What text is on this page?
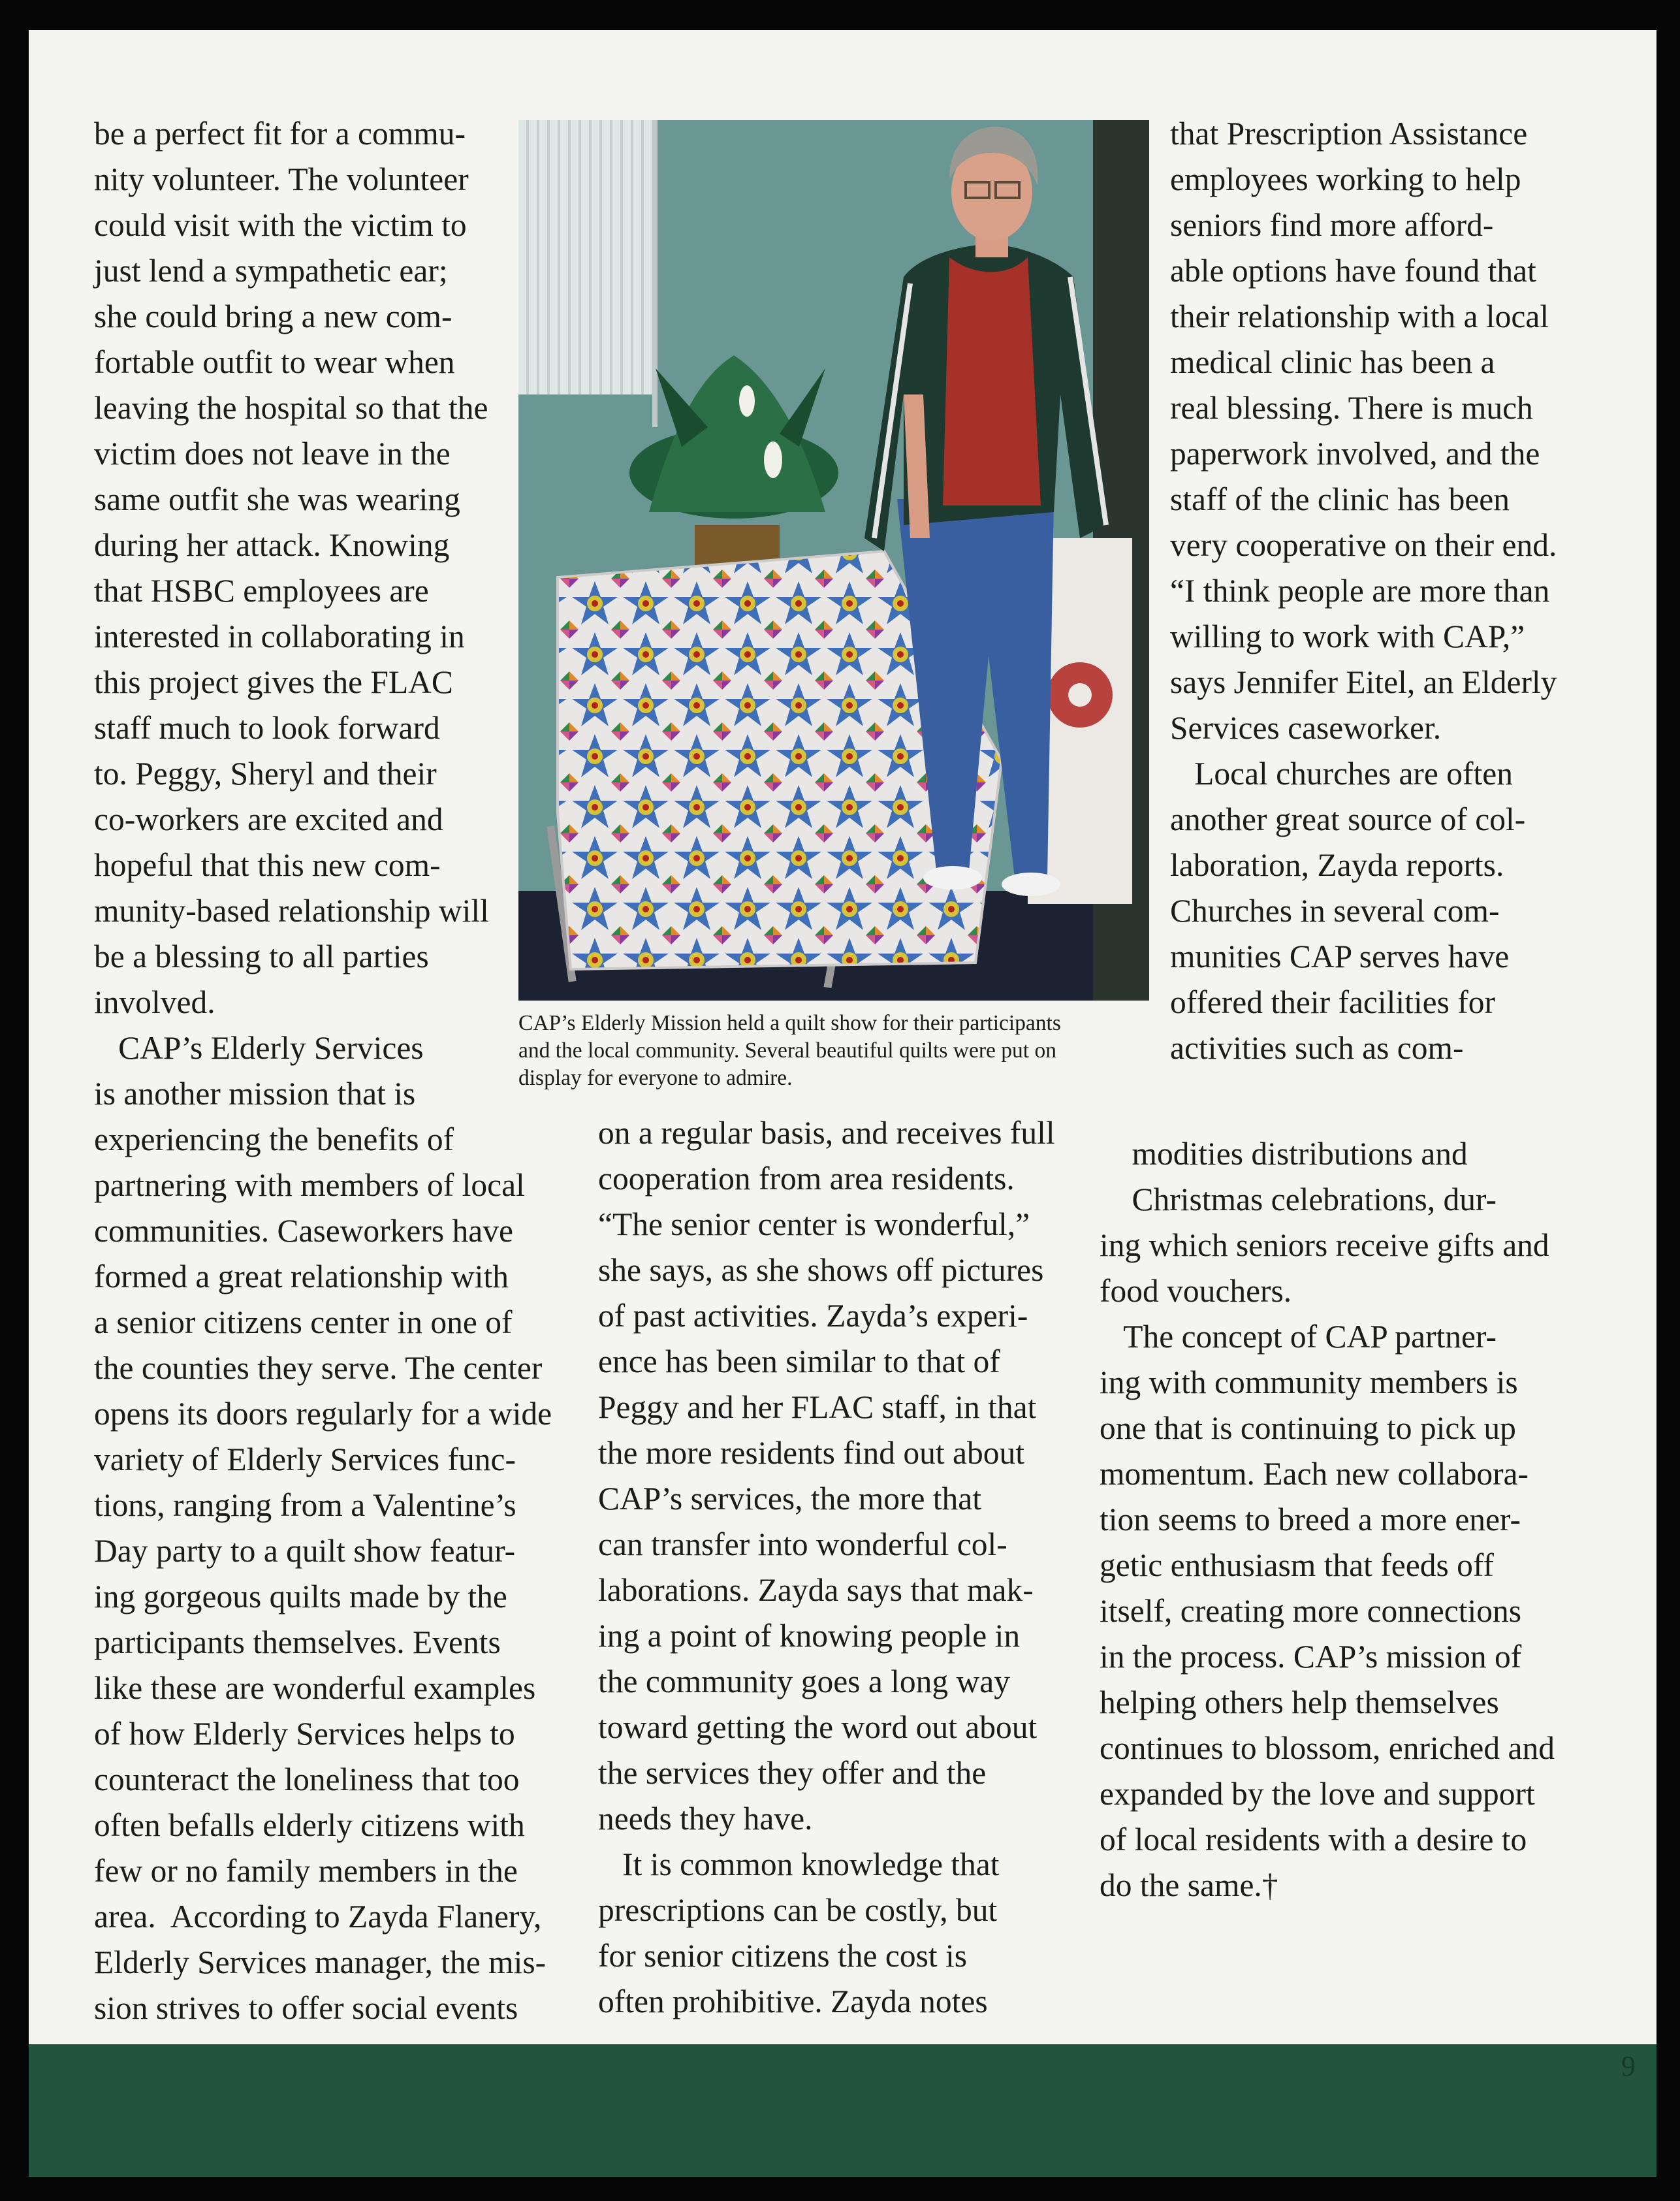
be a perfect fit for a commu-

nity volunteer. The volunteer

could visit with the victim to

just lend a sympathetic ear;

she could bring a new com-

fortable outfit to wear when

leaving the hospital so that the

victim does not leave in the

same outfit she was wearing

during her attack. Knowing

that HSBC employees are

interested in collaborating in

this project gives the FLAC

staff much to look forward

to. Peggy, Sheryl and their

co-workers are excited and

hopeful that this new com-

munity-based relationship will

be a blessing to all parties

involved.

CAP’s Elderly Services

is another mission that is

experiencing the benefits of

partnering with members of local

communities. Caseworkers have

formed a great relationship with

a senior citizens center in one of

the counties they serve. The center

opens its doors regularly for a wide

variety of Elderly Services func-

tions, ranging from a Valentine’s

Day party to a quilt show featur-

ing gorgeous quilts made by the

participants themselves. Events

like these are wonderful examples

of how Elderly Services helps to

counteract the loneliness that too

often befalls elderly citizens with

few or no family members in the

area.  According to Zayda Flanery,

Elderly Services manager, the mis-

sion strives to offer social events

CAP’s Elderly Mission held a quilt show for their participants

and the local community. Several beautiful quilts were put on

display for everyone to admire.

on a regular basis, and receives full

cooperation from area residents.

“The senior center is wonderful,”

she says, as she shows off pictures

of past activities. Zayda’s experi-

ence has been similar to that of

Peggy and her FLAC staff, in that

the more residents find out about

CAP’s services, the more that

can transfer into wonderful col-

laborations. Zayda says that mak-

ing a point of knowing people in

the community goes a long way

toward getting the word out about

the services they offer and the

needs they have.

It is common knowledge that

prescriptions can be costly, but

for senior citizens the cost is

often prohibitive. Zayda notes

that Prescription Assistance

employees working to help

seniors find more afford-

able options have found that

their relationship with a local

medical clinic has been a

real blessing. There is much

paperwork involved, and the

staff of the clinic has been

very cooperative on their end.

“I think people are more than

willing to work with CAP,”

says Jennifer Eitel, an Elderly

Services caseworker.

Local churches are often

another great source of col-

laboration, Zayda reports.

Churches in several com-

munities CAP serves have

offered their facilities for

activities such as com-

modities distributions and

Christmas celebrations, dur-

ing which seniors receive gifts and

food vouchers.

The concept of CAP partner-

ing with community members is

one that is continuing to pick up

momentum. Each new collabora-

tion seems to breed a more ener-

getic enthusiasm that feeds off

itself, creating more connections

in the process. CAP’s mission of

helping others help themselves

continues to blossom, enriched and

expanded by the love and support

of local residents with a desire to

do the same.†

9
